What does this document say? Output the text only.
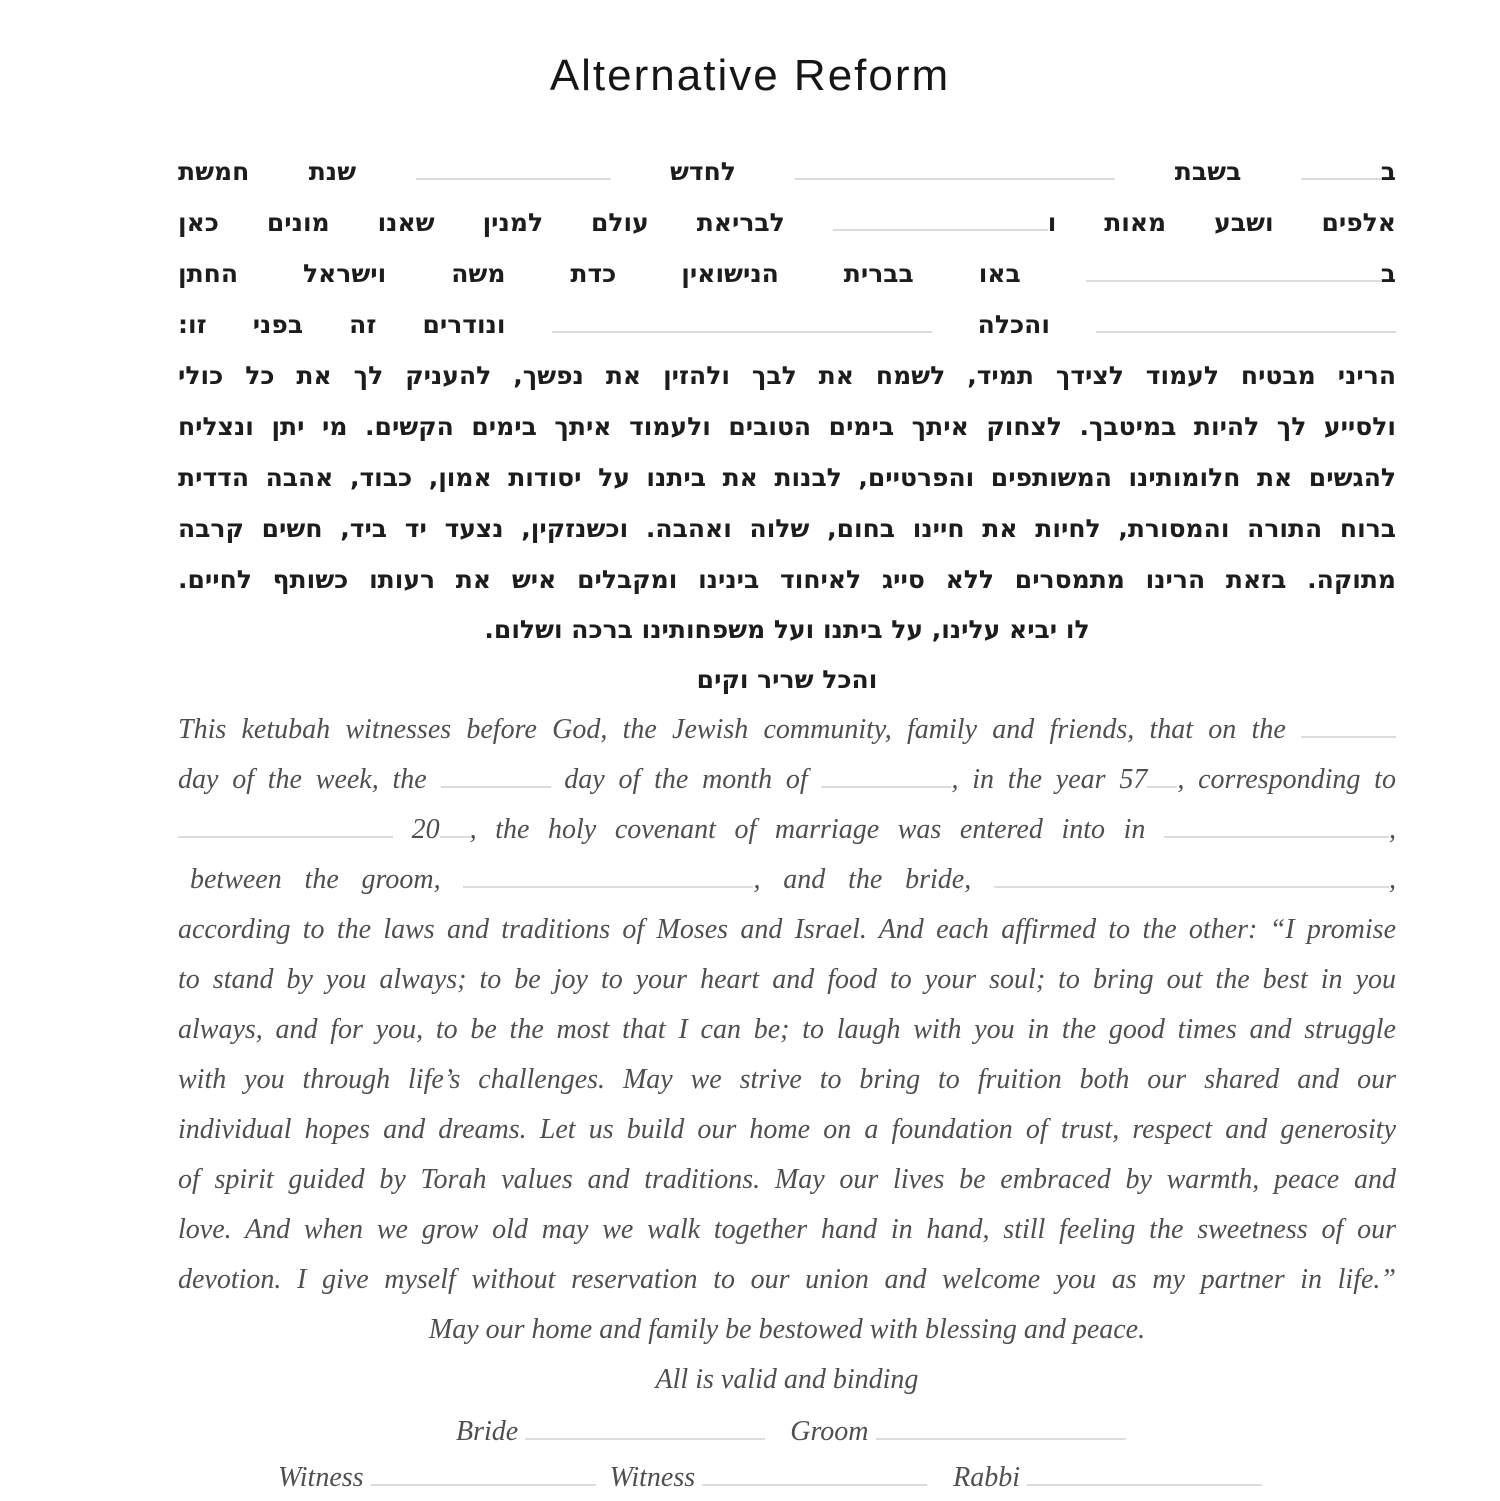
Alternative Reform
ב בשבת  לחדש  שנת חמשת
אלפים ושבע מאות ו לבריאת עולם למנין שאנו מונים כאן
ב באו בברית הנישואין כדת משה וישראל החתן
והכלה  ונודרים זה בפני זו:
הריני מבטיח לעמוד לצידך תמיד, לשמח את לבך ולהזין את נפשך, להעניק לך את כל כולי
ולסייע לך להיות במיטבך. לצחוק איתך בימים הטובים ולעמוד איתך בימים הקשים. מי יתן ונצליח
להגשים את חלומותינו המשותפים והפרטיים, לבנות את ביתנו על יסודות אמון, כבוד, אהבה הדדית
ברוח התורה והמסורת, לחיות את חיינו בחום, שלוה ואהבה. וכשנזקין, נצעד יד ביד, חשים קרבה
מתוקה. בזאת הרינו מתמסרים ללא סייג לאיחוד בינינו ומקבלים איש את רעותו כשותף לחיים.
לו יביא עלינו, על ביתנו ועל משפחותינו ברכה ושלום.
והכל שריר וקים
This ketubah witnesses before God, the Jewish community, family and friends, that on the
day of the week, the	day of the month of	, in the year 57 , corresponding to
20 , the holy covenant of marriage was entered into in	,
between the groom,	, and the bride,	,
according to the laws and traditions of Moses and Israel. And each affirmed to the other: “I promise
to stand by you always; to be joy to your heart and food to your soul; to bring out the best in you
always, and for you, to be the most that I can be; to laugh with you in the good times and struggle
with you through life’s challenges. May we strive to bring to fruition both our shared and our
individual hopes and dreams. Let us build our home on a foundation of trust, respect and generosity
of spirit guided by Torah values and traditions. May our lives be embraced by warmth, peace and
love. And when we grow old may we walk together hand in hand, still feeling the sweetness of our
devotion. I give myself without reservation to our union and welcome you as my partner in life.”
May our home and family be bestowed with blessing and peace.
All is valid and binding
Bride	Groom
Witness	Witness	Rabbi
